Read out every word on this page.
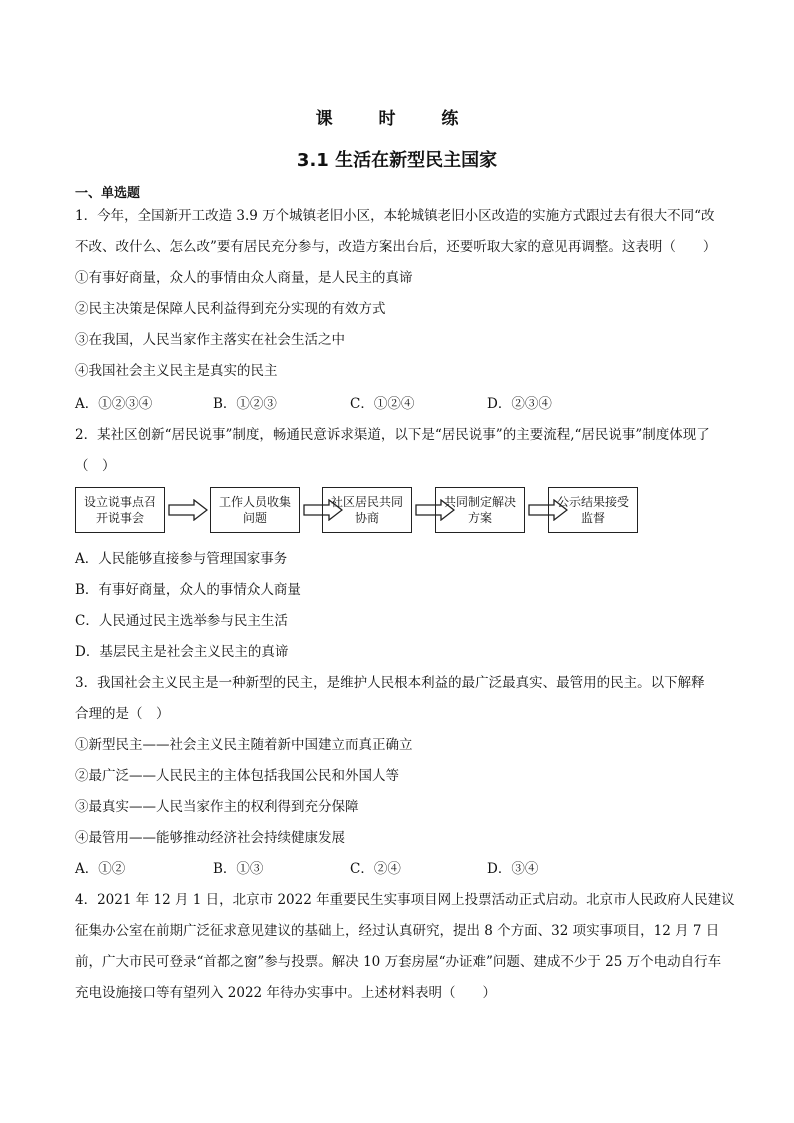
课 时 练
3.1 生活在新型民主国家
一、单选题
1．今年，全国新开工改造 3.9 万个城镇老旧小区，本轮城镇老旧小区改造的实施方式跟过去有很大不同“改
不改、改什么、怎么改”要有居民充分参与，改造方案出台后，还要听取大家的意见再调整。这表明（　　）
①有事好商量，众人的事情由众人商量，是人民主的真谛
②民主决策是保障人民利益得到充分实现的有效方式
③在我国，人民当家作主落实在社会生活之中
④我国社会主义民主是真实的民主
A．①②③④	B．①②③	C．①②④	D．②③④
2．某社区创新“居民说事”制度，畅通民意诉求渠道，以下是“居民说事”的主要流程,“居民说事”制度体现了
（　）
设立说事点召开说事会
工作人员收集问题
社区居民共同协商
共同制定解决方案
公示结果接受监督
A．人民能够直接参与管理国家事务
B．有事好商量，众人的事情众人商量
C．人民通过民主选举参与民主生活
D．基层民主是社会主义民主的真谛
3．我国社会主义民主是一种新型的民主，是维护人民根本利益的最广泛最真实、最管用的民主。以下解释
合理的是（　）
①新型民主——社会主义民主随着新中国建立而真正确立
②最广泛——人民民主的主体包括我国公民和外国人等
③最真实——人民当家作主的权利得到充分保障
④最管用——能够推动经济社会持续健康发展
A．①②	B．①③	C．②④	D．③④
4．2021 年 12 月 1 日，北京市 2022 年重要民生实事项目网上投票活动正式启动。北京市人民政府人民建议
征集办公室在前期广泛征求意见建议的基础上，经过认真研究，提出 8 个方面、32 项实事项目，12 月 7 日
前，广大市民可登录“首都之窗”参与投票。解决 10 万套房屋“办证难”问题、建成不少于 25 万个电动自行车
充电设施接口等有望列入 2022 年待办实事中。上述材料表明（　　）
